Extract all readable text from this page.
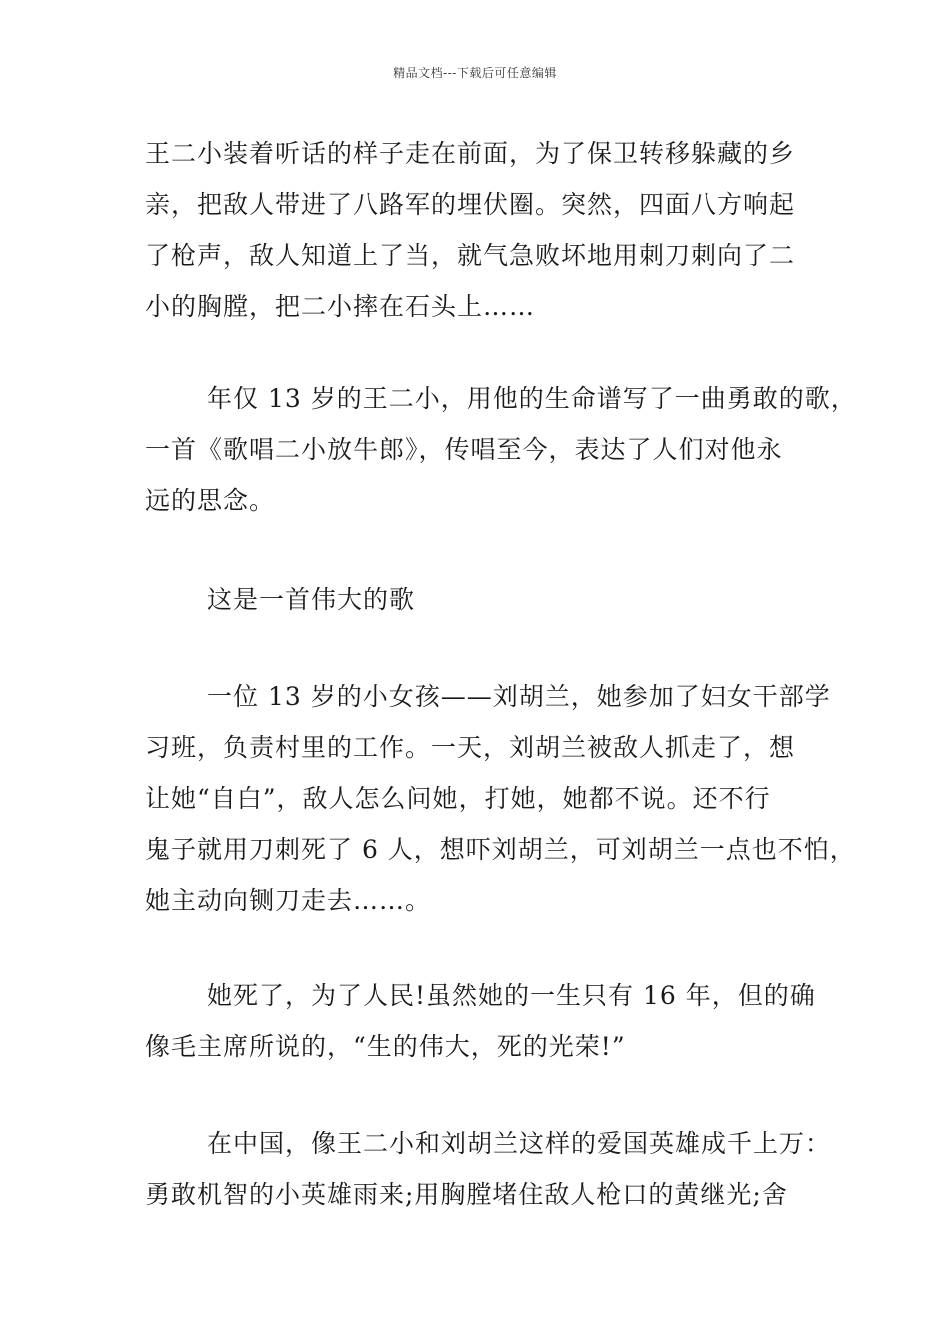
精品文档---下载后可任意编辑
王二小装着听话的样子走在前面，为了保卫转移躲藏的乡
亲，把敌人带进了八路军的埋伏圈。突然，四面八方响起
了枪声，敌人知道上了当，就气急败坏地用刺刀刺向了二
小的胸膛，把二小摔在石头上……
年仅 13 岁的王二小，用他的生命谱写了一曲勇敢的歌，
一首《歌唱二小放牛郎》，传唱至今，表达了人们对他永
远的思念。
这是一首伟大的歌
一位 13 岁的小女孩——刘胡兰，她参加了妇女干部学
习班，负责村里的工作。一天，刘胡兰被敌人抓走了，想
让她“自白”，敌人怎么问她，打她，她都不说。还不行
鬼子就用刀刺死了 6 人，想吓刘胡兰，可刘胡兰一点也不怕，
她主动向铡刀走去……。
她死了，为了人民!虽然她的一生只有 16 年，但的确
像毛主席所说的，“生的伟大，死的光荣!”
在中国，像王二小和刘胡兰这样的爱国英雄成千上万：
勇敢机智的小英雄雨来;用胸膛堵住敌人枪口的黄继光;舍
